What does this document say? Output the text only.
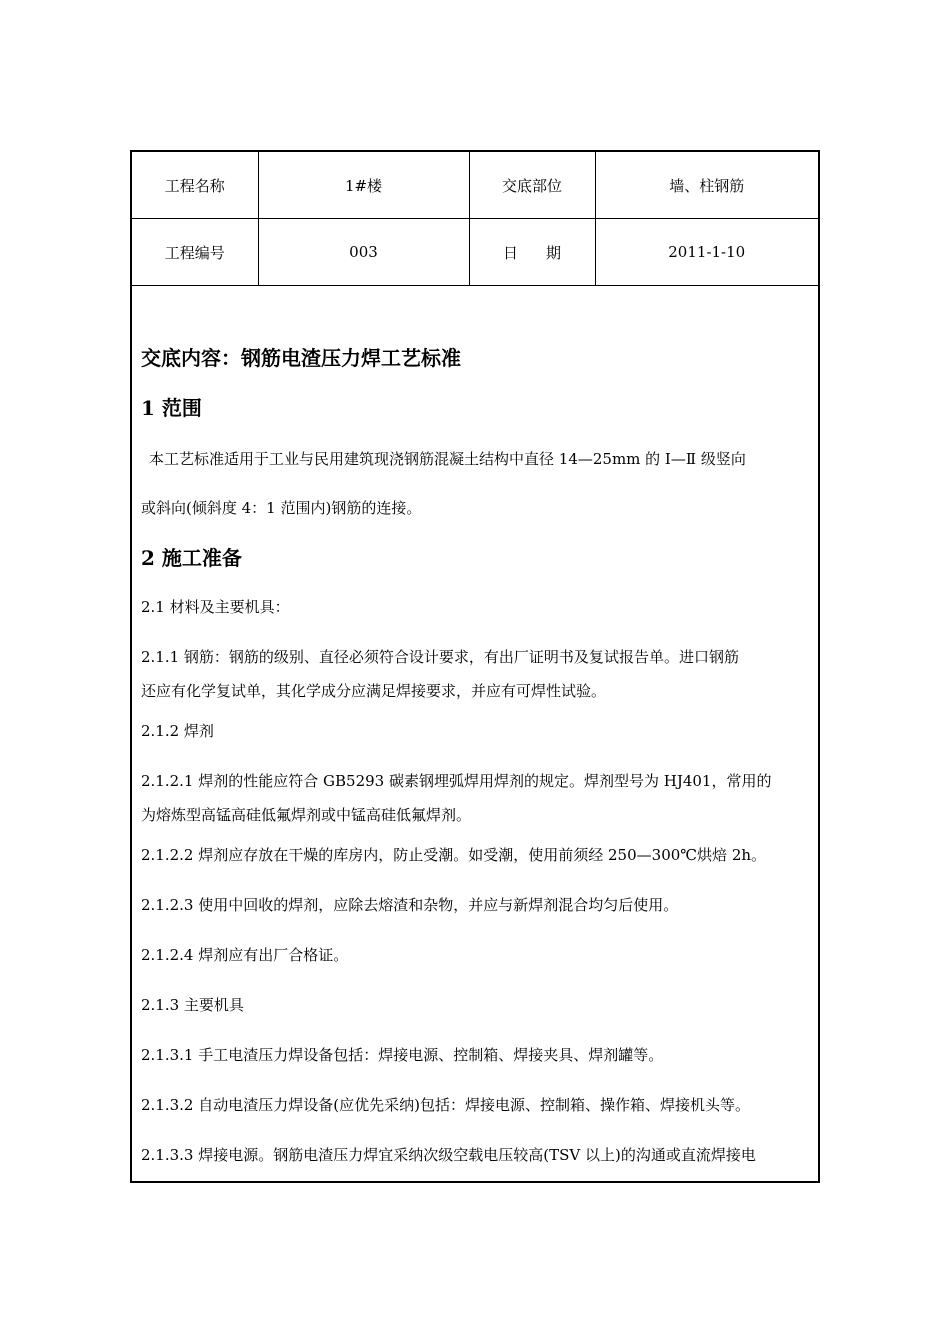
工程名称	1#楼	交底部位	墙、柱钢筋
工程编号	003	日期	2011-1-10
交底内容：钢筋电渣压力焊工艺标准
1 范围
本工艺标准适用于工业与民用建筑现浇钢筋混凝土结构中直径 14—25mm 的 I—Ⅱ 级竖向
或斜向(倾斜度 4：1 范围内)钢筋的连接。
2 施工准备
2.1 材料及主要机具：
2.1.1 钢筋：钢筋的级别、直径必须符合设计要求，有出厂证明书及复试报告单。进口钢筋
还应有化学复试单，其化学成分应满足焊接要求，并应有可焊性试验。
2.1.2 焊剂
2.1.2.1 焊剂的性能应符合 GB5293 碳素钢埋弧焊用焊剂的规定。焊剂型号为 HJ401，常用的
为熔炼型高锰高硅低氟焊剂或中锰高硅低氟焊剂。
2.1.2.2 焊剂应存放在干燥的库房内，防止受潮。如受潮，使用前须经 250—300℃烘焙 2h。
2.1.2.3 使用中回收的焊剂，应除去熔渣和杂物，并应与新焊剂混合均匀后使用。
2.1.2.4 焊剂应有出厂合格证。
2.1.3 主要机具
2.1.3.1 手工电渣压力焊设备包括：焊接电源、控制箱、焊接夹具、焊剂罐等。
2.1.3.2 自动电渣压力焊设备(应优先采纳)包括：焊接电源、控制箱、操作箱、焊接机头等。
2.1.3.3 焊接电源。钢筋电渣压力焊宜采纳次级空载电压较高(TSV 以上)的沟通或直流焊接电
